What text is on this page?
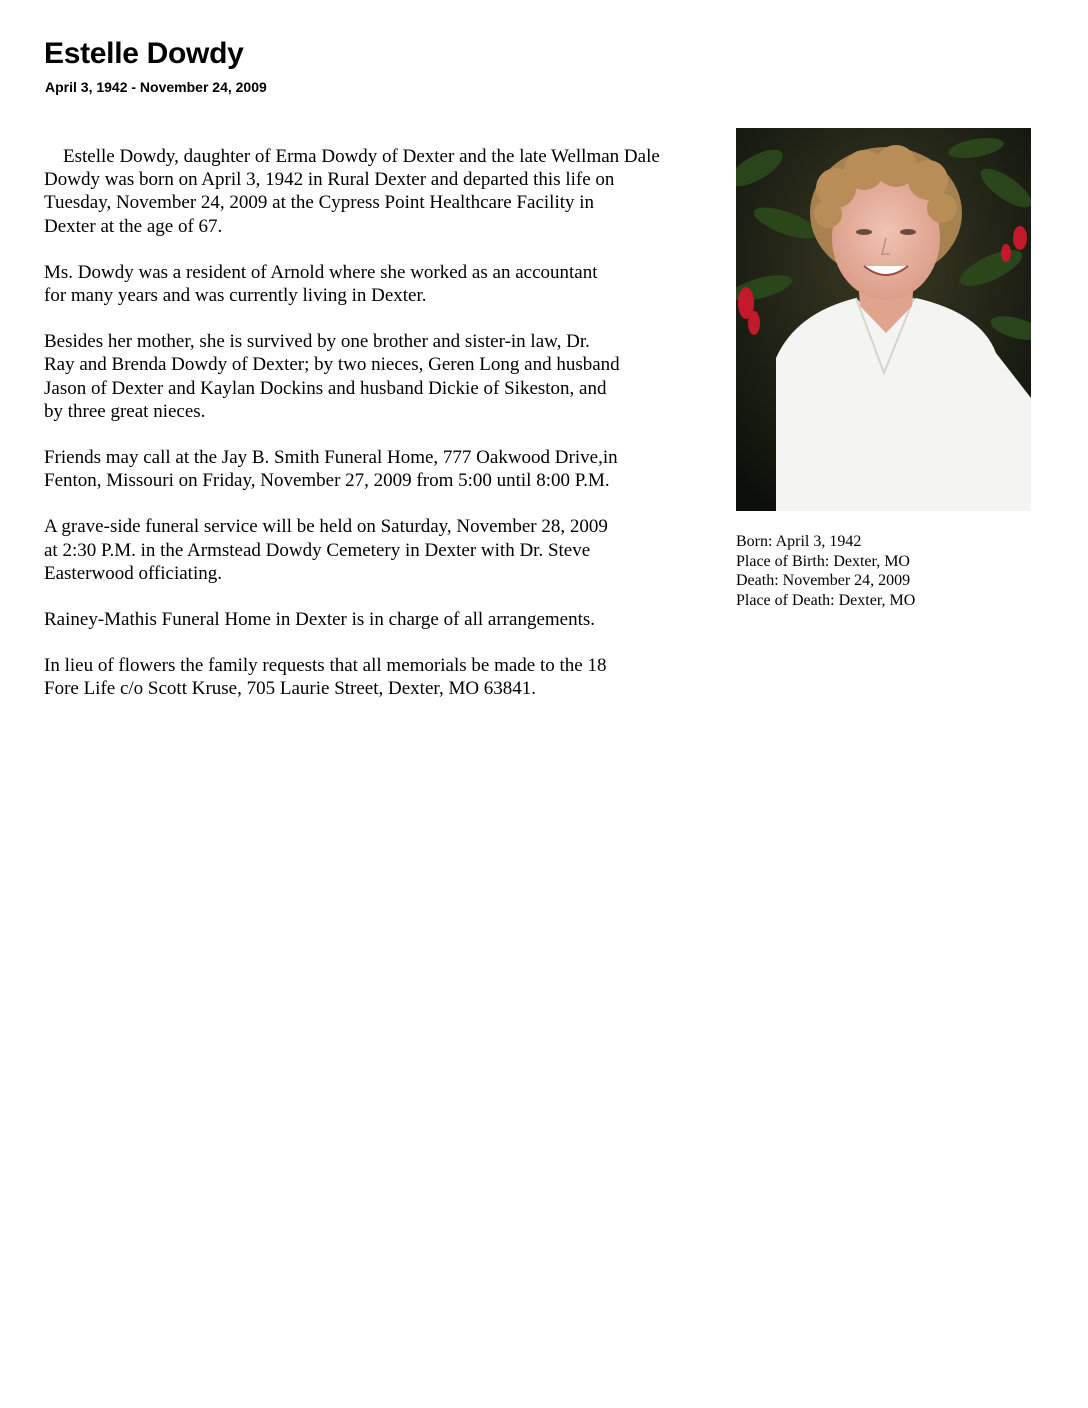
Estelle Dowdy
April 3, 1942 - November 24, 2009

Estelle Dowdy, daughter of Erma Dowdy of Dexter and the late Wellman Dale
Dowdy was born on April 3, 1942 in Rural Dexter and departed this life on
Tuesday, November 24, 2009 at the Cypress Point Healthcare Facility in
Dexter at the age of 67.

Ms. Dowdy was a resident of Arnold where she worked as an accountant
for many years and was currently living in Dexter.

Besides her mother, she is survived by one brother and sister-in law, Dr.
Ray and Brenda Dowdy of Dexter; by two nieces, Geren Long and husband
Jason of Dexter and Kaylan Dockins and husband Dickie of Sikeston, and
by three great nieces.

Friends may call at the Jay B. Smith Funeral Home, 777 Oakwood Drive,in
Fenton, Missouri on Friday, November 27, 2009 from 5:00 until 8:00 P.M.

A grave-side funeral service will be held on Saturday, November 28, 2009
at 2:30 P.M. in the Armstead Dowdy Cemetery in Dexter with Dr. Steve
Easterwood officiating.

Rainey-Mathis Funeral Home in Dexter is in charge of all arrangements.

In lieu of flowers the family requests that all memorials be made to the 18
Fore Life c/o Scott Kruse, 705 Laurie Street, Dexter, MO 63841.

Born: April 3, 1942
Place of Birth: Dexter, MO
Death: November 24, 2009
Place of Death: Dexter, MO
